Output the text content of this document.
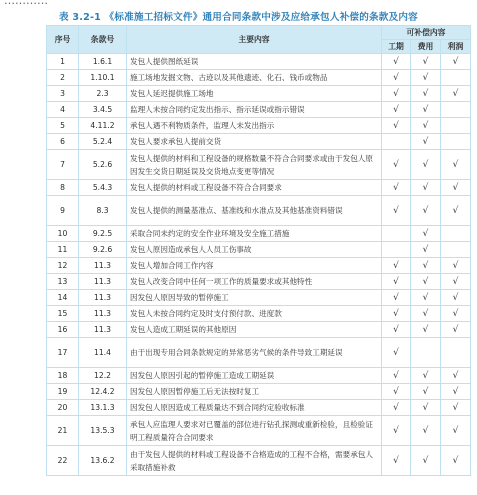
…………
表 3.2-1 《标准施工招标文件》通用合同条款中涉及应给承包人补偿的条款及内容
序号	条款号	主要内容	可补偿内容		
			工期	费用	利润
1	1.6.1	发包人提供图纸延误	√	√	√
2	1.10.1	施工场地发掘文物、古迹以及其他遗迹、化石、钱币或物品	√	√	
3	2.3	发包人延迟提供施工场地	√	√	√
4	3.4.5	监理人未按合同约定发出指示、指示延误或指示错误	√	√	
5	4.11.2	承包人遇不利物质条件，监理人未发出指示	√	√	
6	5.2.4	发包人要求承包人提前交货		√	
7	5.2.6	发包人提供的材料和工程设备的规格数量不符合合同要求或由于发包人原因发生交货日期延误及交货地点变更等情况	√	√	√
8	5.4.3	发包人提供的材料或工程设备不符合合同要求	√	√	√
9	8.3	发包人提供的测量基准点、基准线和水准点及其他基准资料错误	√	√	√
10	9.2.5	采取合同未约定的安全作业环境及安全施工措施		√	
11	9.2.6	发包人原因造成承包人人员工伤事故		√	
12	11.3	发包人增加合同工作内容	√	√	√
13	11.3	发包人改变合同中任何一项工作的质量要求或其他特性	√	√	√
14	11.3	因发包人原因导致的暂停施工	√	√	√
15	11.3	发包人未按合同约定及时支付预付款、进度款	√	√	√
16	11.3	发包人造成工期延误的其他原因	√	√	√
17	11.4	由于出现专用合同条款规定的异常恶劣气候的条件导致工期延误	√		
18	12.2	因发包人原因引起的暂停施工造成工期延误	√	√	√
19	12.4.2	因发包人原因暂停施工后无法按时复工	√	√	√
20	13.1.3	因发包人原因造成工程质量达不到合同约定验收标准	√	√	√
21	13.5.3	承包人应监理人要求对已覆盖的部位进行钻孔探测或重新检验，且检验证明工程质量符合合同要求	√	√	√
22	13.6.2	由于发包人提供的材料或工程设备不合格造成的工程不合格，需要承包人采取措施补救	√	√	√
